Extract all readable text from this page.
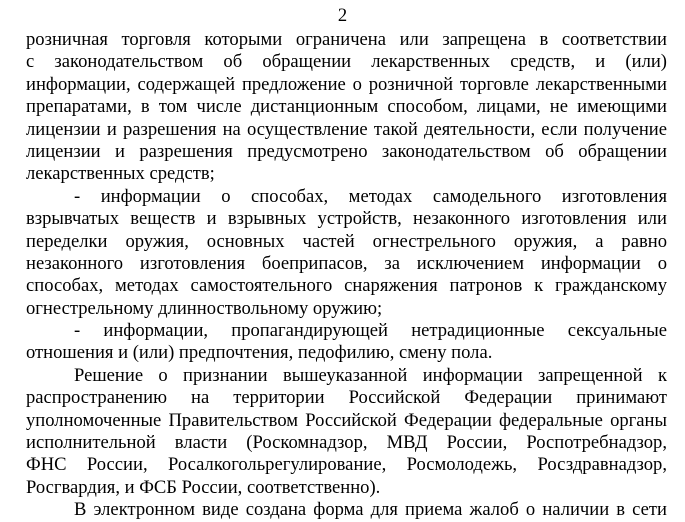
2
розничная торговля которыми ограничена или запрещена в соответствии
с законодательством об обращении лекарственных средств, и (или)
информации, содержащей предложение о розничной торговле лекарственными
препаратами, в том числе дистанционным способом, лицами, не имеющими
лицензии и разрешения на осуществление такой деятельности, если получение
лицензии и разрешения предусмотрено законодательством об обращении
лекарственных средств;
- информации о способах, методах самодельного изготовления
взрывчатых веществ и взрывных устройств, незаконного изготовления или
переделки оружия, основных частей огнестрельного оружия, а равно
незаконного изготовления боеприпасов, за исключением информации о
способах, методах самостоятельного снаряжения патронов к гражданскому
огнестрельному длинноствольному оружию;
- информации, пропагандирующей нетрадиционные сексуальные
отношения и (или) предпочтения, педофилию, смену пола.
Решение о признании вышеуказанной информации запрещенной к
распространению на территории Российской Федерации принимают
уполномоченные Правительством Российской Федерации федеральные органы
исполнительной власти (Роскомнадзор, МВД России, Роспотребнадзор,
ФНС России, Росалкогольрегулирование, Росмолодежь, Росздравнадзор,
Росгвардия, и ФСБ России, соответственно).
В электронном виде создана форма для приема жалоб о наличии в сети
